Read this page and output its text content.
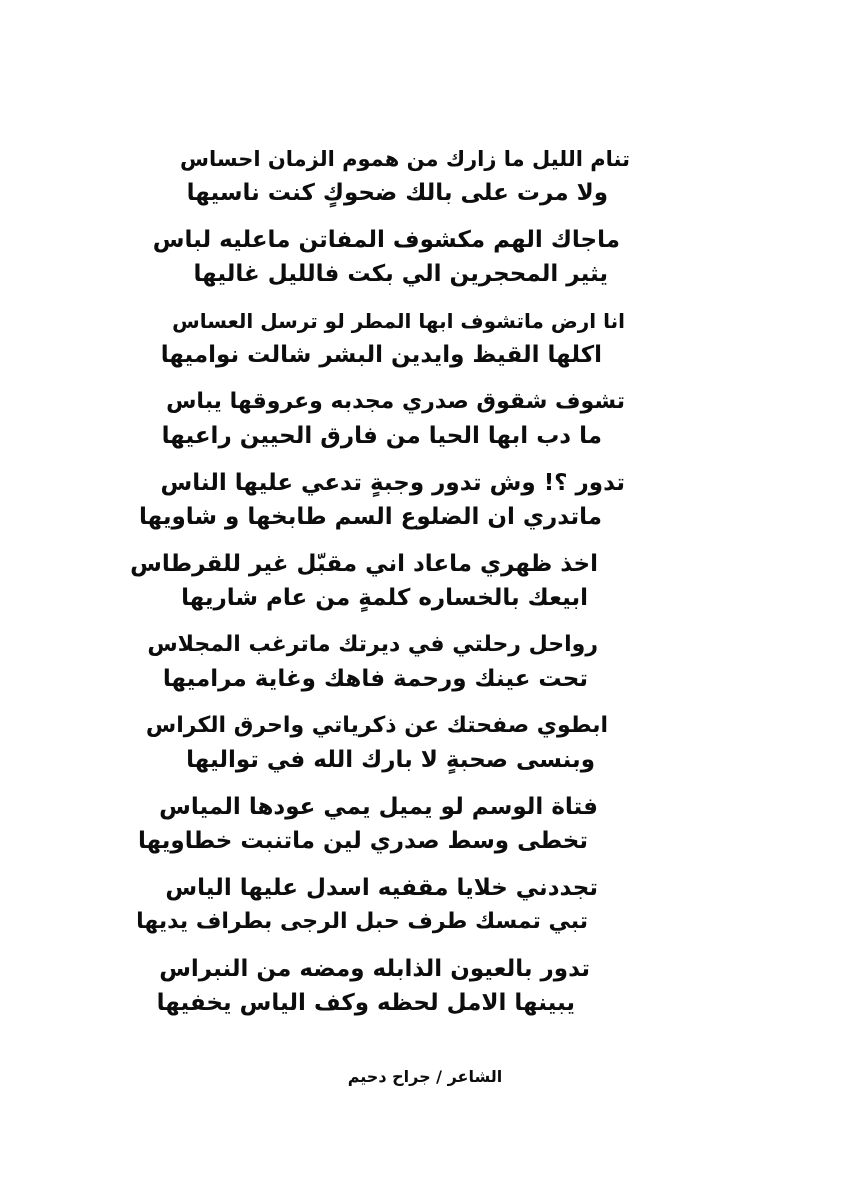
تنام الليل ما زارك من هموم الزمان احساس
ولا مرت على بالك ضحوكٍ كنت ناسيها
ماجاك الهم مكشوف المفاتن ماعليه لباس
يثير المحجرين الي بكت فالليل غاليها
انا ارض ماتشوف ابها المطر لو ترسل العساس
اكلها القيظ وايدين البشر شالت نواميها
تشوف شقوق صدري مجدبه وعروقها يباس
ما دب ابها الحيا من فارق الحيين راعيها
تدور ؟! وش تدور وجبةٍ تدعي عليها الناس
ماتدري ان الضلوع السم طابخها و شاويها
اخذ ظهري ماعاد اني مقبّل غير للقرطاس
ابيعك بالخساره كلمةٍ من عام شاريها
رواحل رحلتي في ديرتك ماترغب المجلاس
تحت عينك ورحمة فاهك وغاية مراميها
ابطوي صفحتك عن ذكرياتي واحرق الكراس
وبنسى صحبةٍ لا بارك الله في تواليها
فتاة الوسم لو يميل يمي عودها المياس
تخطى وسط صدري لين ماتنبت خطاويها
تجددني خلايا مقفيه اسدل عليها الياس
تبي تمسك طرف حبل الرجى بطراف يديها
تدور بالعيون الذابله ومضه من النبراس
يبينها الامل لحظه وكف الياس يخفيها
الشاعر / جراح دحيم
